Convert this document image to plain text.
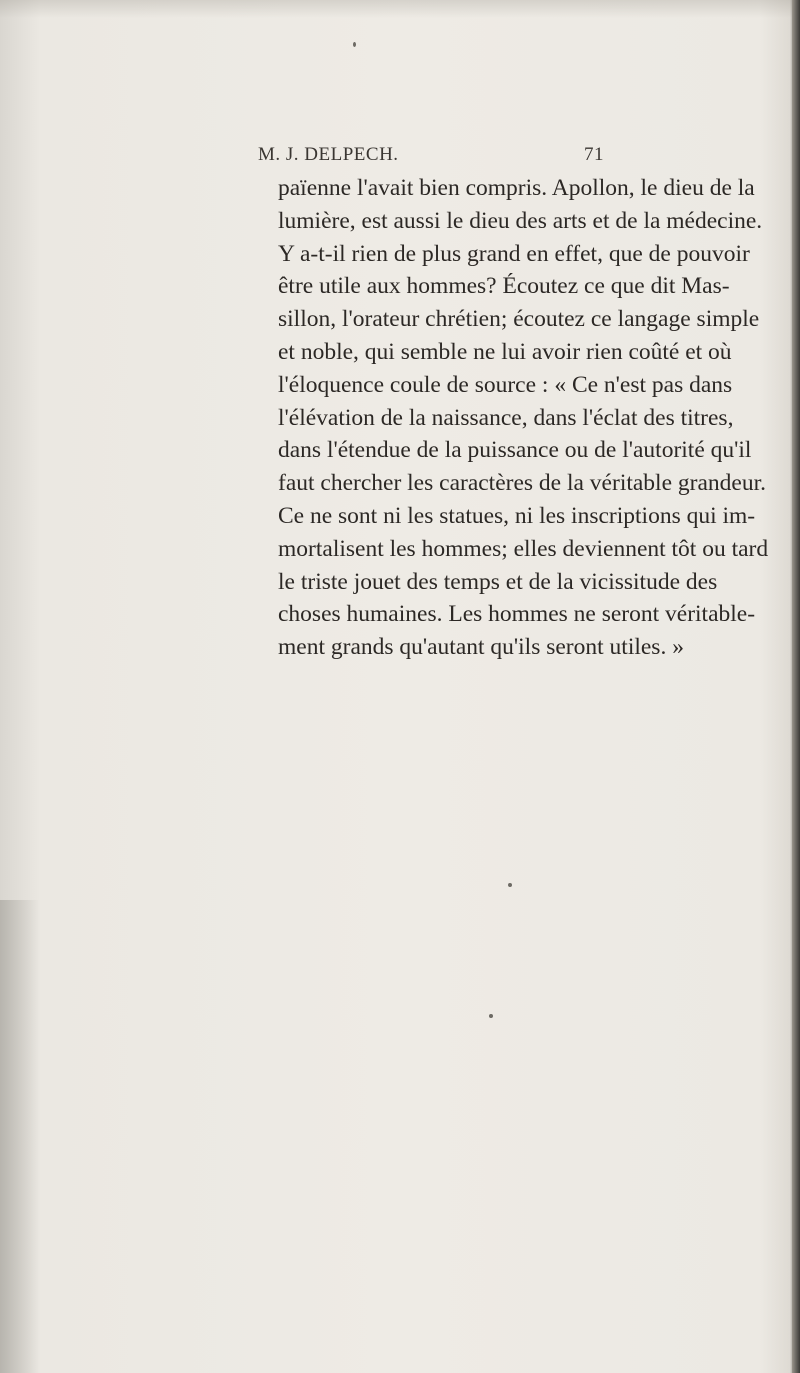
M. J. DELPECH.	71
païenne l'avait bien compris. Apollon, le dieu de la
lumière, est aussi le dieu des arts et de la médecine.
Y a-t-il rien de plus grand en effet, que de pouvoir
être utile aux hommes? Écoutez ce que dit Mas-
sillon, l'orateur chrétien; écoutez ce langage simple
et noble, qui semble ne lui avoir rien coûté et où
l'éloquence coule de source : « Ce n'est pas dans
l'élévation de la naissance, dans l'éclat des titres,
dans l'étendue de la puissance ou de l'autorité qu'il
faut chercher les caractères de la véritable grandeur.
Ce ne sont ni les statues, ni les inscriptions qui im-
mortalisent les hommes; elles deviennent tôt ou tard
le triste jouet des temps et de la vicissitude des
choses humaines. Les hommes ne seront véritable-
ment grands qu'autant qu'ils seront utiles. »
